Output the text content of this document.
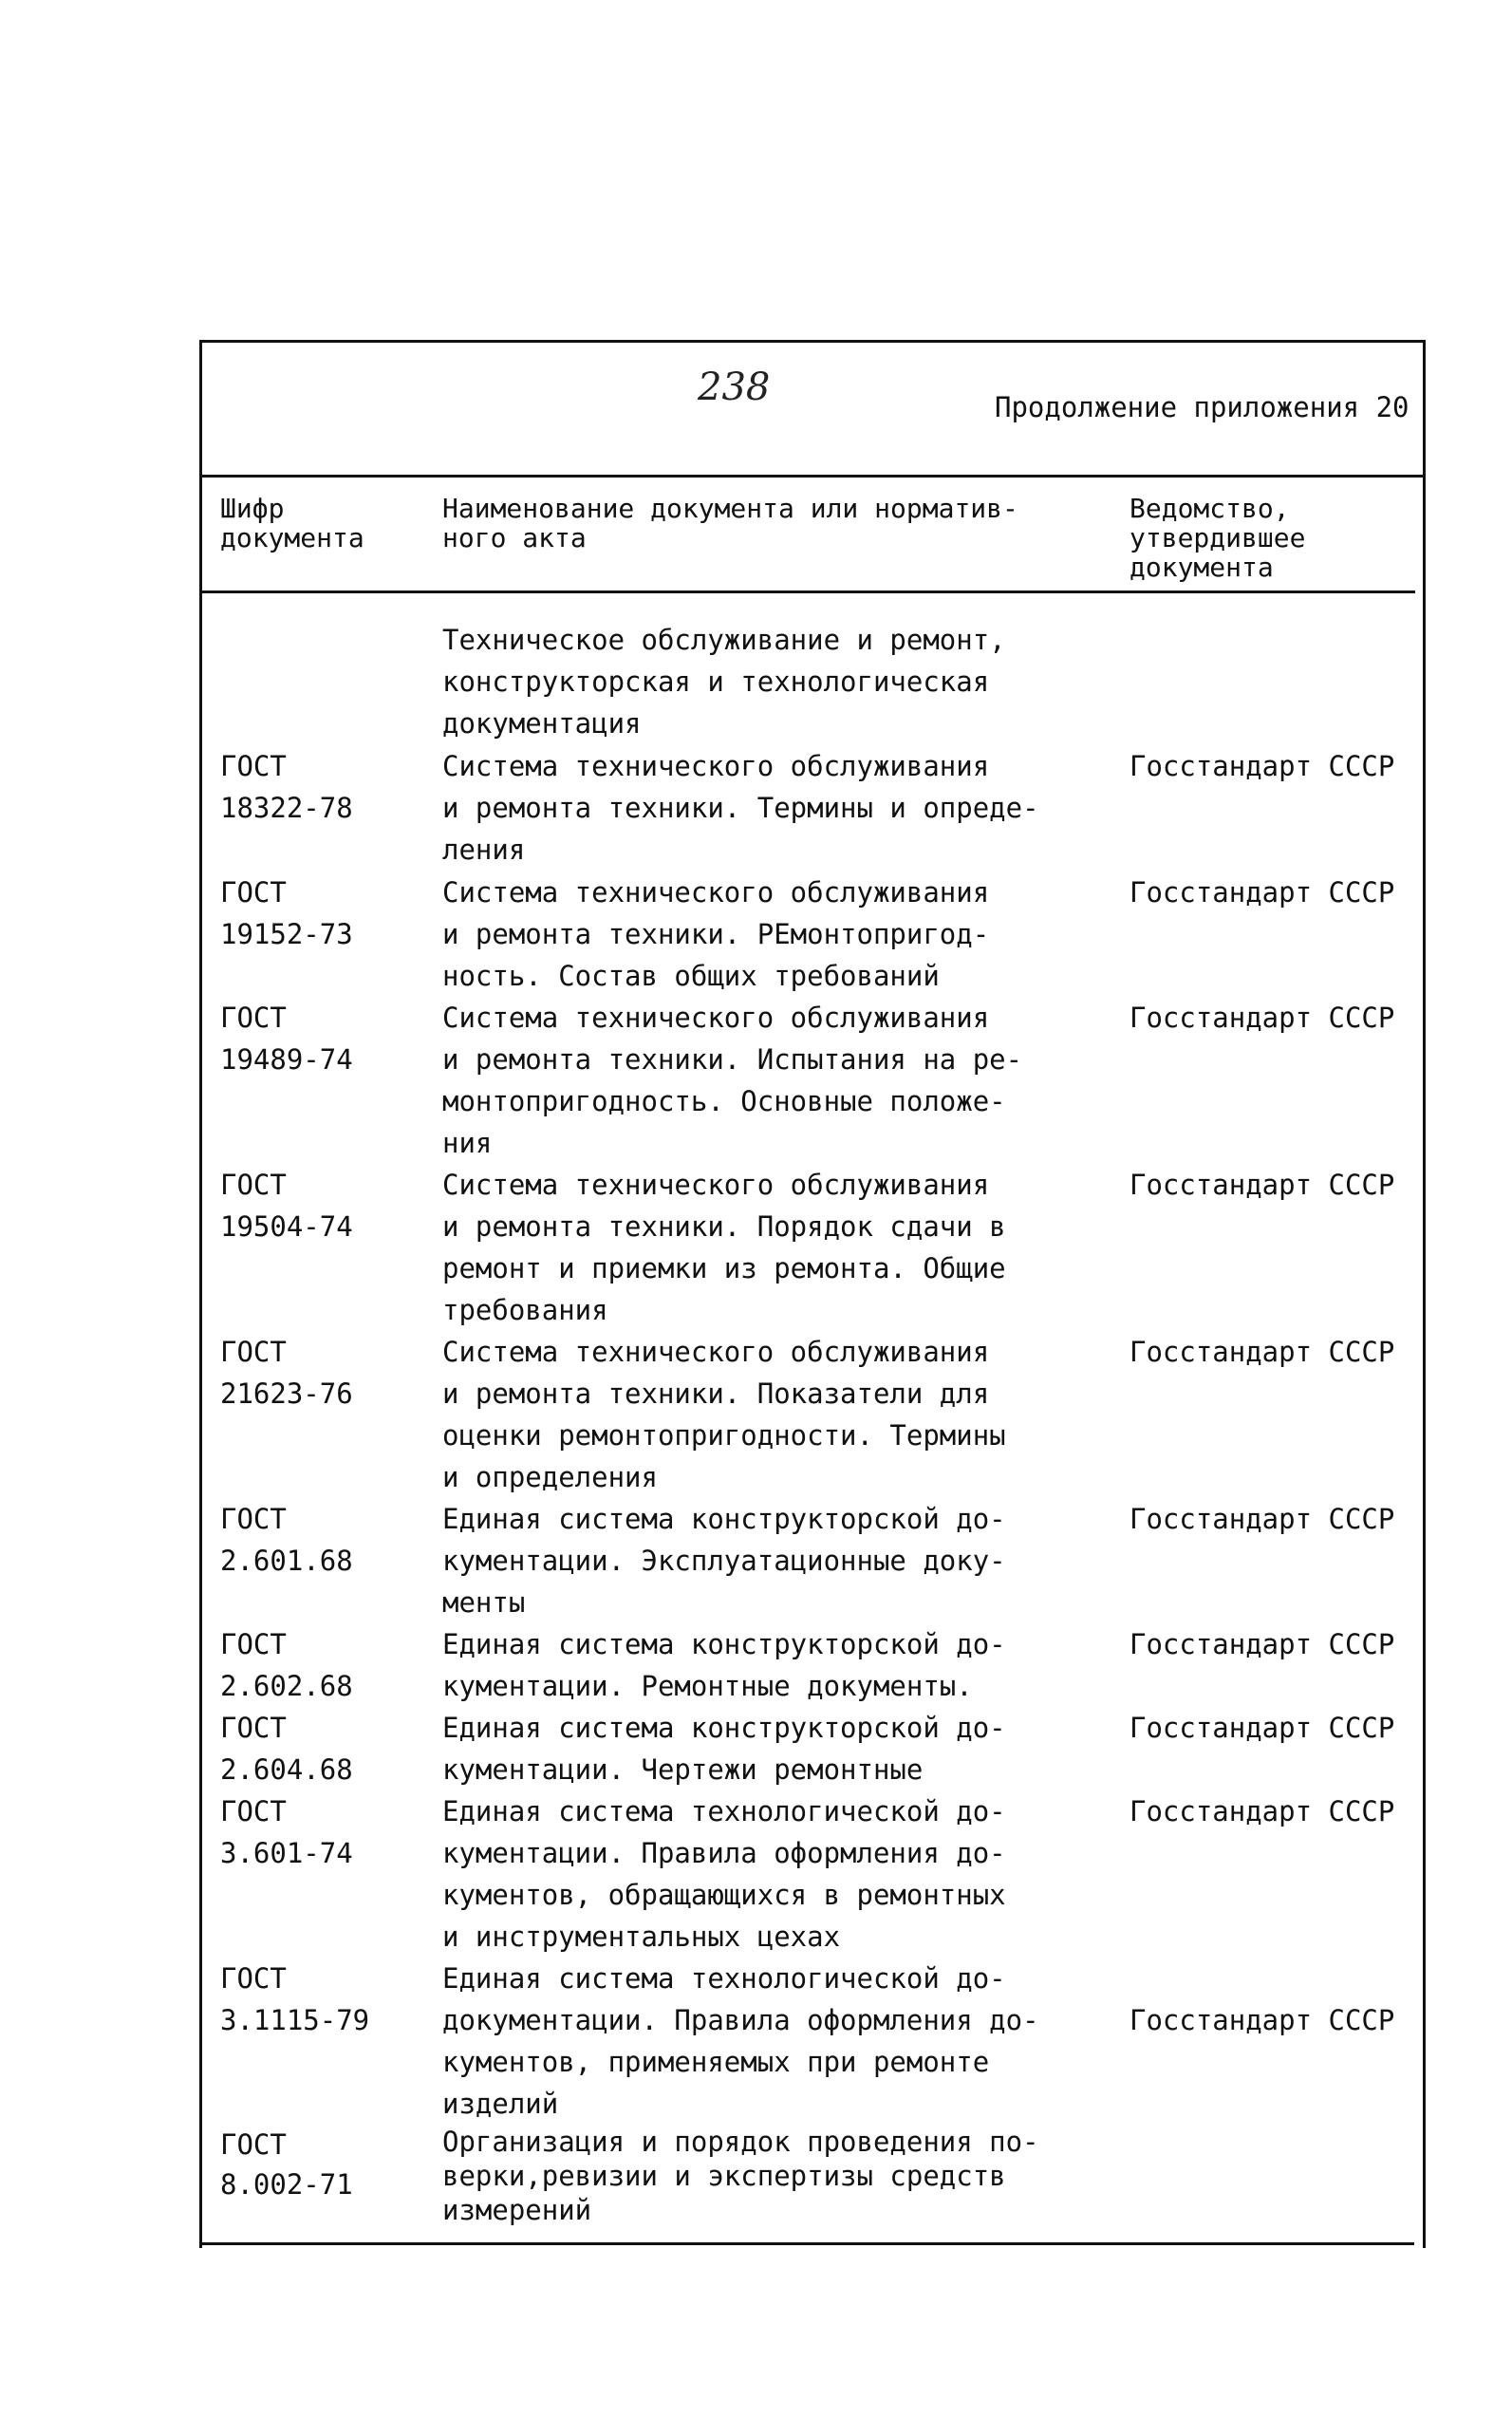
238	Продолжение приложения 20
Шифр документа
Наименование документа или норматив-
ного акта
Ведомство,
утвердившее
документа
Техническое обслуживание и ремонт,
конструкторская и технологическая
документация
ГОСТ
18322-78
Система технического обслуживания
и ремонта техники. Термины и опреде-
ления
Госстандарт СССР
ГОСТ
19152-73
Система технического обслуживания
и ремонта техники. РЕмонтопригод-
ность. Состав общих требований
Госстандарт СССР
ГОСТ
19489-74
Система технического обслуживания
и ремонта техники. Испытания на ре-
монтопригодность. Основные положе-
ния
Госстандарт СССР
ГОСТ
19504-74
Система технического обслуживания
и ремонта техники. Порядок сдачи в
ремонт и приемки из ремонта. Общие
требования
Госстандарт СССР
ГОСТ
21623-76
Система технического обслуживания
и ремонта техники. Показатели для
оценки ремонтопригодности. Термины
и определения
Госстандарт СССР
ГОСТ
2.601.68
Единая система конструкторской до-
кументации. Эксплуатационные доку-
менты
Госстандарт СССР
ГОСТ
2.602.68
Единая система конструкторской до-
кументации. Ремонтные документы.
Госстандарт СССР
ГОСТ
2.604.68
Единая система конструкторской до-
кументации. Чертежи ремонтные
Госстандарт СССР
ГОСТ
3.601-74
Единая система технологической до-
кументации. Правила оформления до-
кументов, обращающихся в ремонтных
и инструментальных цехах
Госстандарт СССР
ГОСТ
3.1115-79
Единая система технологической до-
документации. Правила оформления до-
кументов, применяемых при ремонте
изделий
Госстандарт СССР
ГОСТ
8.002-71
Организация и порядок проведения по-
верки,ревизии и экспертизы средств
измерений
